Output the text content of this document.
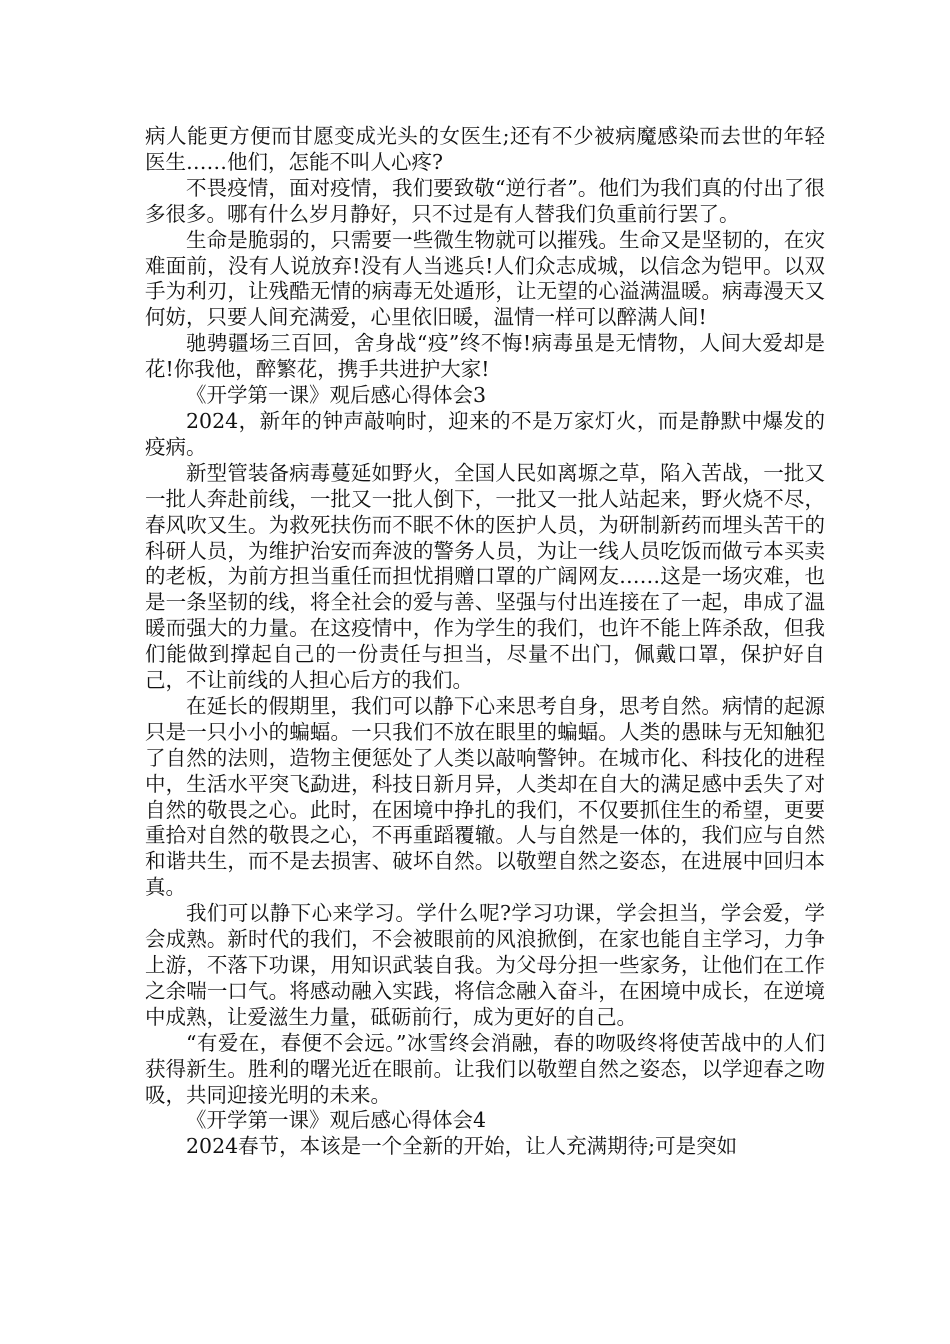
病人能更方便而甘愿变成光头的女医生;还有不少被病魔感染而去世的年轻医生……他们，怎能不叫人心疼?

不畏疫情，面对疫情，我们要致敬“逆行者”。他们为我们真的付出了很多很多。哪有什么岁月静好，只不过是有人替我们负重前行罢了。

生命是脆弱的，只需要一些微生物就可以摧残。生命又是坚韧的，在灾难面前，没有人说放弃!没有人当逃兵!人们众志成城，以信念为铠甲。以双手为利刃，让残酷无情的病毒无处遁形，让无望的心溢满温暖。病毒漫天又何妨，只要人间充满爱，心里依旧暖，温情一样可以醉满人间!

驰骋疆场三百回，舍身战“疫”终不悔!病毒虽是无情物，人间大爱却是花!你我他，醉繁花，携手共进护大家!

《开学第一课》观后感心得体会3

2024，新年的钟声敲响时，迎来的不是万家灯火，而是静默中爆发的疫病。

新型管装备病毒蔓延如野火，全国人民如离塬之草，陷入苦战，一批又一批人奔赴前线，一批又一批人倒下，一批又一批人站起来，野火烧不尽，春风吹又生。为救死扶伤而不眠不休的医护人员，为研制新药而埋头苦干的科研人员，为维护治安而奔波的警务人员，为让一线人员吃饭而做亏本买卖的老板，为前方担当重任而担忧捐赠口罩的广阔网友……这是一场灾难，也是一条坚韧的线，将全社会的爱与善、坚强与付出连接在了一起，串成了温暖而强大的力量。在这疫情中，作为学生的我们，也许不能上阵杀敌，但我们能做到撑起自己的一份责任与担当，尽量不出门，佩戴口罩，保护好自己，不让前线的人担心后方的我们。

在延长的假期里，我们可以静下心来思考自身，思考自然。病情的起源只是一只小小的蝙蝠。一只我们不放在眼里的蝙蝠。人类的愚昧与无知触犯了自然的法则，造物主便惩处了人类以敲响警钟。在城市化、科技化的进程中，生活水平突飞勐进，科技日新月异，人类却在自大的满足感中丢失了对自然的敬畏之心。此时，在困境中挣扎的我们，不仅要抓住生的希望，更要重拾对自然的敬畏之心，不再重蹈覆辙。人与自然是一体的，我们应与自然和谐共生，而不是去损害、破坏自然。以敬塑自然之姿态，在进展中回归本真。

我们可以静下心来学习。学什么呢?学习功课，学会担当，学会爱，学会成熟。新时代的我们，不会被眼前的风浪掀倒，在家也能自主学习，力争上游，不落下功课，用知识武装自我。为父母分担一些家务，让他们在工作之余喘一口气。将感动融入实践，将信念融入奋斗，在困境中成长，在逆境中成熟，让爱滋生力量，砥砺前行，成为更好的自己。

“有爱在，春便不会远。”冰雪终会消融，春的吻吸终将使苦战中的人们获得新生。胜利的曙光近在眼前。让我们以敬塑自然之姿态，以学迎春之吻吸，共同迎接光明的未来。

《开学第一课》观后感心得体会4

2024春节，本该是一个全新的开始，让人充满期待;可是突如
